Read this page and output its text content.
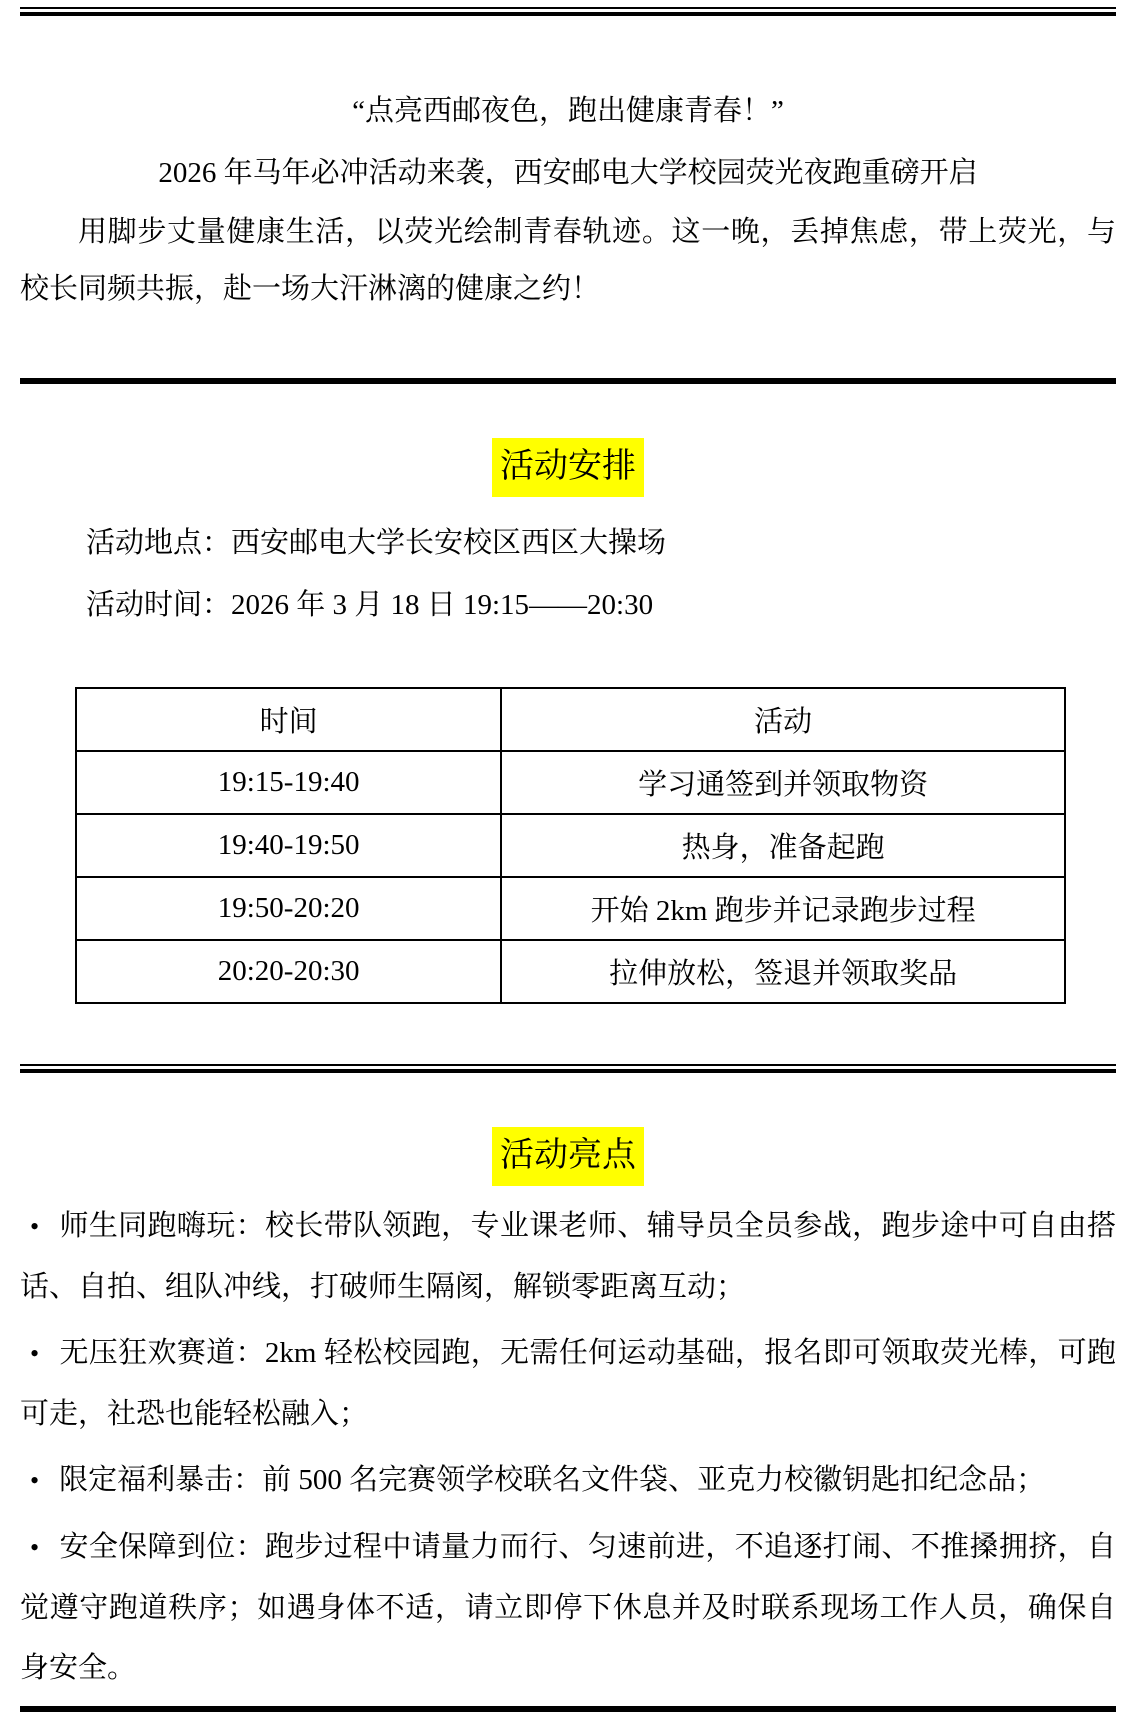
“点亮西邮夜色，跑出健康青春！”
2026 年马年必冲活动来袭，西安邮电大学校园荧光夜跑重磅开启
用脚步丈量健康生活，以荧光绘制青春轨迹。这一晚，丢掉焦虑，带上荧光，与校长同频共振，赴一场大汗淋漓的健康之约！
活动安排
活动地点：西安邮电大学长安校区西区大操场
活动时间：2026 年 3 月 18 日 19:15——20:30
时间	活动
19:15-19:40	学习通签到并领取物资
19:40-19:50	热身，准备起跑
19:50-20:20	开始 2km 跑步并记录跑步过程
20:20-20:30	拉伸放松，签退并领取奖品
活动亮点
• 师生同跑嗨玩：校长带队领跑，专业课老师、辅导员全员参战，跑步途中可自由搭话、自拍、组队冲线，打破师生隔阂，解锁零距离互动；
• 无压狂欢赛道：2km 轻松校园跑，无需任何运动基础，报名即可领取荧光棒，可跑可走，社恐也能轻松融入；
• 限定福利暴击：前 500 名完赛领学校联名文件袋、亚克力校徽钥匙扣纪念品；
• 安全保障到位：跑步过程中请量力而行、匀速前进，不追逐打闹、不推搡拥挤，自觉遵守跑道秩序；如遇身体不适，请立即停下休息并及时联系现场工作人员，确保自身安全。
